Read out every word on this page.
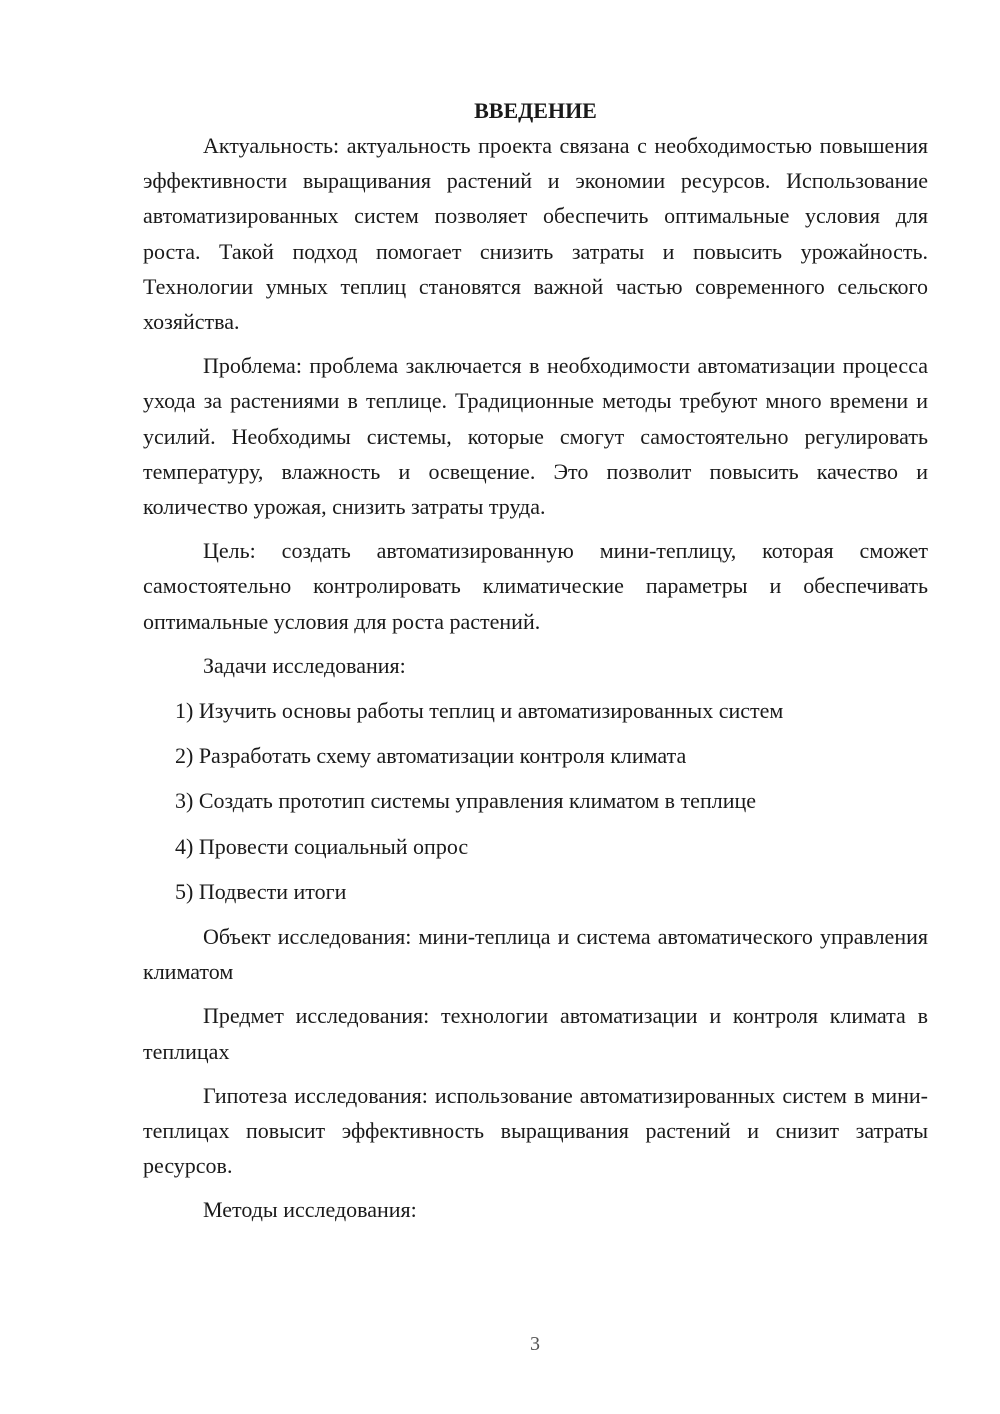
ВВЕДЕНИЕ

Актуальность: актуальность проекта связана с необходимостью повышения эффективности выращивания растений и экономии ресурсов. Использование автоматизированных систем позволяет обеспечить оптимальные условия для роста. Такой подход помогает снизить затраты и повысить урожайность. Технологии умных теплиц становятся важной частью современного сельского хозяйства.

Проблема: проблема заключается в необходимости автоматизации процесса ухода за растениями в теплице. Традиционные методы требуют много времени и усилий. Необходимы системы, которые смогут самостоятельно регулировать температуру, влажность и освещение. Это позволит повысить качество и количество урожая, снизить затраты труда.

Цель: создать автоматизированную мини-теплицу, которая сможет самостоятельно контролировать климатические параметры и обеспечивать оптимальные условия для роста растений.

Задачи исследования:
1) Изучить основы работы теплиц и автоматизированных систем
2) Разработать схему автоматизации контроля климата
3) Создать прототип системы управления климатом в теплице
4) Провести социальный опрос
5) Подвести итоги

Объект исследования: мини-теплица и система автоматического управления климатом

Предмет исследования: технологии автоматизации и контроля климата в теплицах

Гипотеза исследования: использование автоматизированных систем в мини-теплицах повысит эффективность выращивания растений и снизит затраты ресурсов.

Методы исследования:
3
